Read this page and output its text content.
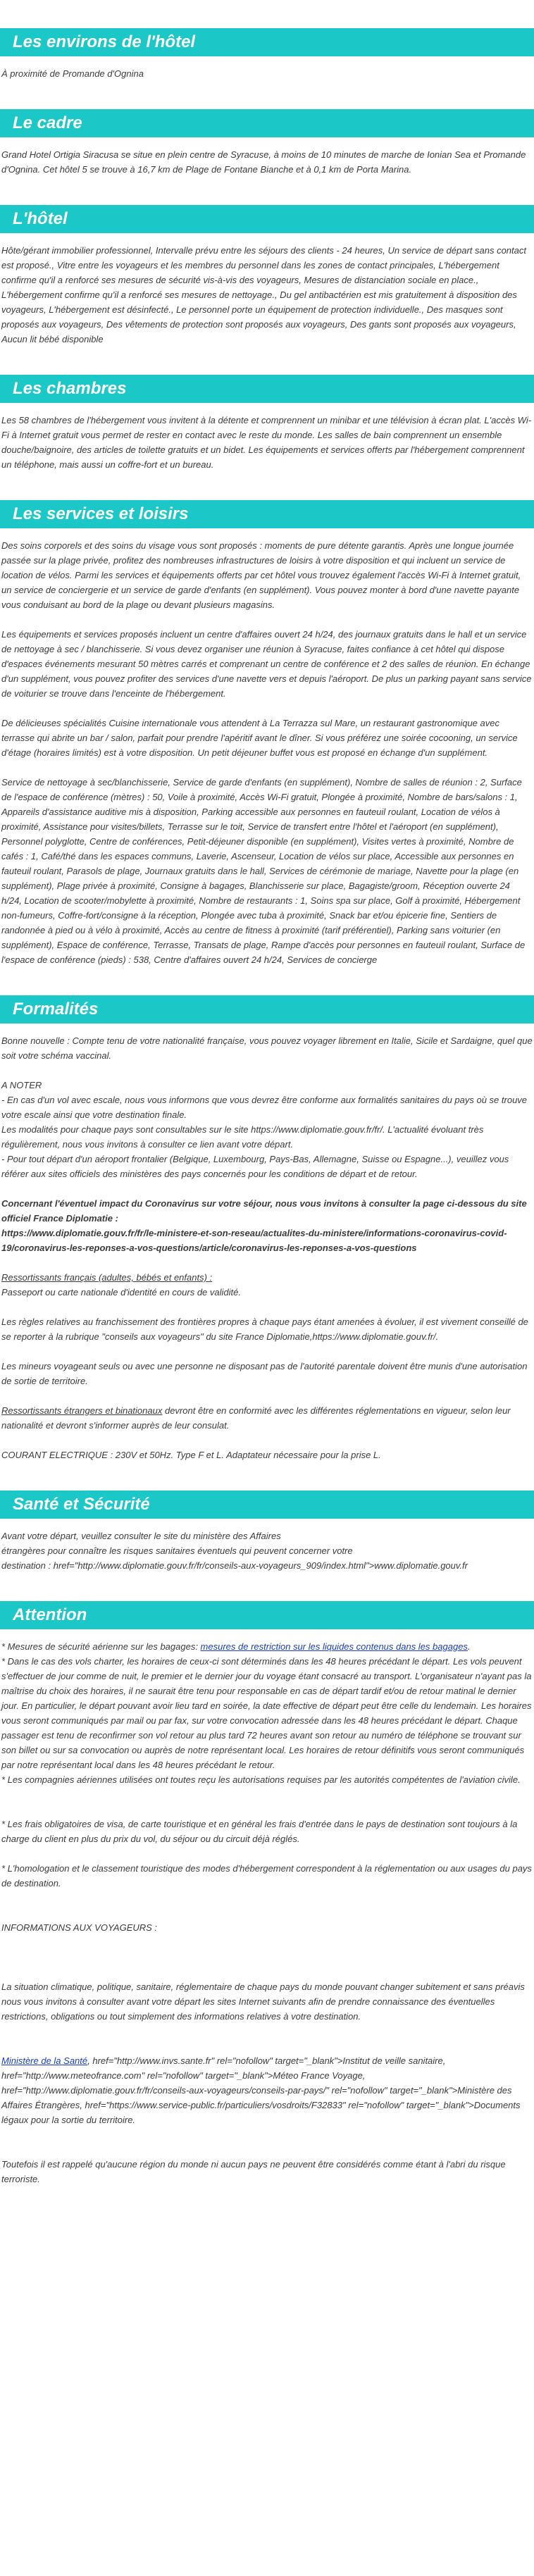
Les environs de l'hôtel

À proximité de Promande d'Ognina

Le cadre

Grand Hotel Ortigia Siracusa se situe en plein centre de Syracuse, à moins de 10 minutes de marche de Ionian Sea et Promande d'Ognina. Cet hôtel 5 se trouve à 16,7 km de Plage de Fontane Bianche et à 0,1 km de Porta Marina.

L'hôtel

Hôte/gérant immobilier professionnel, Intervalle prévu entre les séjours des clients - 24 heures, Un service de départ sans contact est proposé., Vitre entre les voyageurs et les membres du personnel dans les zones de contact principales, L'hébergement confirme qu'il a renforcé ses mesures de sécurité vis-à-vis des voyageurs, Mesures de distanciation sociale en place., L'hébergement confirme qu'il a renforcé ses mesures de nettoyage., Du gel antibactérien est mis gratuitement à disposition des voyageurs, L'hébergement est désinfecté., Le personnel porte un équipement de protection individuelle., Des masques sont proposés aux voyageurs, Des vêtements de protection sont proposés aux voyageurs, Des gants sont proposés aux voyageurs, Aucun lit bébé disponible

Les chambres

Les 58 chambres de l'hébergement vous invitent à la détente et comprennent un minibar et une télévision à écran plat. L'accès Wi-Fi à Internet gratuit vous permet de rester en contact avec le reste du monde. Les salles de bain comprennent un ensemble douche/baignoire, des articles de toilette gratuits et un bidet. Les équipements et services offerts par l'hébergement comprennent un téléphone, mais aussi un coffre-fort et un bureau.

Les services et loisirs

Des soins corporels et des soins du visage vous sont proposés : moments de pure détente garantis. Après une longue journée passée sur la plage privée, profitez des nombreuses infrastructures de loisirs à votre disposition et qui incluent un service de location de vélos. Parmi les services et équipements offerts par cet hôtel vous trouvez également l'accès Wi-Fi à Internet gratuit, un service de conciergerie et un service de garde d'enfants (en supplément). Vous pouvez monter à bord d'une navette payante vous conduisant au bord de la plage ou devant plusieurs magasins.

Les équipements et services proposés incluent un centre d'affaires ouvert 24 h/24, des journaux gratuits dans le hall et un service de nettoyage à sec / blanchisserie. Si vous devez organiser une réunion à Syracuse, faites confiance à cet hôtel qui dispose d'espaces événements mesurant 50 mètres carrés et comprenant un centre de conférence et 2 des salles de réunion. En échange d'un supplément, vous pouvez profiter des services d'une navette vers et depuis l'aéroport. De plus un parking payant sans service de voiturier se trouve dans l'enceinte de l'hébergement.

De délicieuses spécialités Cuisine internationale vous attendent à La Terrazza sul Mare, un restaurant gastronomique avec terrasse qui abrite un bar / salon, parfait pour prendre l'apéritif avant le dîner. Si vous préférez une soirée cocooning, un service d'étage (horaires limités) est à votre disposition. Un petit déjeuner buffet vous est proposé en échange d'un supplément.

Service de nettoyage à sec/blanchisserie, Service de garde d'enfants (en supplément), Nombre de salles de réunion : 2, Surface de l'espace de conférence (mètres) : 50, Voile à proximité, Accès Wi-Fi gratuit, Plongée à proximité, Nombre de bars/salons : 1, Appareils d'assistance auditive mis à disposition, Parking accessible aux personnes en fauteuil roulant, Location de vélos à proximité, Assistance pour visites/billets, Terrasse sur le toit, Service de transfert entre l'hôtel et l'aéroport (en supplément), Personnel polyglotte, Centre de conférences, Petit-déjeuner disponible (en supplément), Visites vertes à proximité, Nombre de cafés : 1, Café/thé dans les espaces communs, Laverie, Ascenseur, Location de vélos sur place, Accessible aux personnes en fauteuil roulant, Parasols de plage, Journaux gratuits dans le hall, Services de cérémonie de mariage, Navette pour la plage (en supplément), Plage privée à proximité, Consigne à bagages, Blanchisserie sur place, Bagagiste/groom, Réception ouverte 24 h/24, Location de scooter/mobylette à proximité, Nombre de restaurants : 1, Soins spa sur place, Golf à proximité, Hébergement non-fumeurs, Coffre-fort/consigne à la réception, Plongée avec tuba à proximité, Snack bar et/ou épicerie fine, Sentiers de randonnée à pied ou à vélo à proximité, Accès au centre de fitness à proximité (tarif préférentiel), Parking sans voiturier (en supplément), Espace de conférence, Terrasse, Transats de plage, Rampe d'accès pour personnes en fauteuil roulant, Surface de l'espace de conférence (pieds) : 538, Centre d'affaires ouvert 24 h/24, Services de concierge

Formalités

Bonne nouvelle : Compte tenu de votre nationalité française, vous pouvez voyager librement en Italie, Sicile et Sardaigne, quel que soit votre schéma vaccinal.

A NOTER

- En cas d'un vol avec escale, nous vous informons que vous devrez être conforme aux formalités sanitaires du pays où se trouve votre escale ainsi que votre destination finale.

Les modalités pour chaque pays sont consultables sur le site https://www.diplomatie.gouv.fr/fr/. L'actualité évoluant très régulièrement, nous vous invitons à consulter ce lien avant votre départ.

- Pour tout départ d'un aéroport frontalier (Belgique, Luxembourg, Pays-Bas, Allemagne, Suisse ou Espagne...), veuillez vous référer aux sites officiels des ministères des pays concernés pour les conditions de départ et de retour.

Concernant l'éventuel impact du Coronavirus sur votre séjour, nous vous invitons à consulter la page ci-dessous du site officiel France Diplomatie :

https://www.diplomatie.gouv.fr/fr/le-ministere-et-son-reseau/actualites-du-ministere/informations-coronavirus-covid-19/coronavirus-les-reponses-a-vos-questions/article/coronavirus-les-reponses-a-vos-questions

Ressortissants français (adultes, bébés et enfants) :

Passeport ou carte nationale d'identité en cours de validité.

Les règles relatives au franchissement des frontières propres à chaque pays étant amenées à évoluer, il est vivement conseillé de se reporter à la rubrique "conseils aux voyageurs" du site France Diplomatie,https://www.diplomatie.gouv.fr/.

Les mineurs voyageant seuls ou avec une personne ne disposant pas de l'autorité parentale doivent être munis d'une autorisation de sortie de territoire.

Ressortissants étrangers et binationaux devront être en conformité avec les différentes réglementations en vigueur, selon leur nationalité et devront s'informer auprès de leur consulat.

COURANT ELECTRIQUE : 230V et 50Hz. Type F et L. Adaptateur nécessaire pour la prise L.

Santé et Sécurité

Avant votre départ, veuillez consulter le site du ministère des Affaires

étrangères pour connaître les risques sanitaires éventuels qui peuvent concerner votre

destination : href="http://www.diplomatie.gouv.fr/fr/conseils-aux-voyageurs_909/index.html">www.diplomatie.gouv.fr

Attention

* Mesures de sécurité aérienne sur les bagages: mesures de restriction sur les liquides contenus dans les bagages.

* Dans le cas des vols charter, les horaires de ceux-ci sont déterminés dans les 48 heures précédant le départ. Les vols peuvent s'effectuer de jour comme de nuit, le premier et le dernier jour du voyage étant consacré au transport. L'organisateur n'ayant pas la maîtrise du choix des horaires, il ne saurait être tenu pour responsable en cas de départ tardif et/ou de retour matinal le dernier jour. En particulier, le départ pouvant avoir lieu tard en soirée, la date effective de départ peut être celle du lendemain. Les horaires vous seront communiqués par mail ou par fax, sur votre convocation adressée dans les 48 heures précédant le départ. Chaque passager est tenu de reconfirmer son vol retour au plus tard 72 heures avant son retour au numéro de téléphone se trouvant sur son billet ou sur sa convocation ou auprès de notre représentant local. Les horaires de retour définitifs vous seront communiqués par notre représentant local dans les 48 heures précédant le retour.

* Les compagnies aériennes utilisées ont toutes reçu les autorisations requises par les autorités compétentes de l'aviation civile.

* Les frais obligatoires de visa, de carte touristique et en général les frais d'entrée dans le pays de destination sont toujours à la charge du client en plus du prix du vol, du séjour ou du circuit déjà réglés.

* L'homologation et le classement touristique des modes d'hébergement correspondent à la réglementation ou aux usages du pays de destination.

INFORMATIONS AUX VOYAGEURS :

La situation climatique, politique, sanitaire, réglementaire de chaque pays du monde pouvant changer subitement et sans préavis

nous vous invitons à consulter avant votre départ les sites Internet suivants afin de prendre connaissance des éventuelles restrictions, obligations ou tout simplement des informations relatives à votre destination.

Ministère de la Santé, href="http://www.invs.sante.fr" rel="nofollow" target="_blank">Institut de veille sanitaire, href="http://www.meteofrance.com" rel="nofollow" target="_blank">Méteo France Voyage, href="http://www.diplomatie.gouv.fr/fr/conseils-aux-voyageurs/conseils-par-pays/" rel="nofollow" target="_blank">Ministère des Affaires Étrangères, href="https://www.service-public.fr/particuliers/vosdroits/F32833" rel="nofollow" target="_blank">Documents légaux pour la sortie du territoire.

Toutefois il est rappelé qu'aucune région du monde ni aucun pays ne peuvent être considérés comme étant à l'abri du risque terroriste.
